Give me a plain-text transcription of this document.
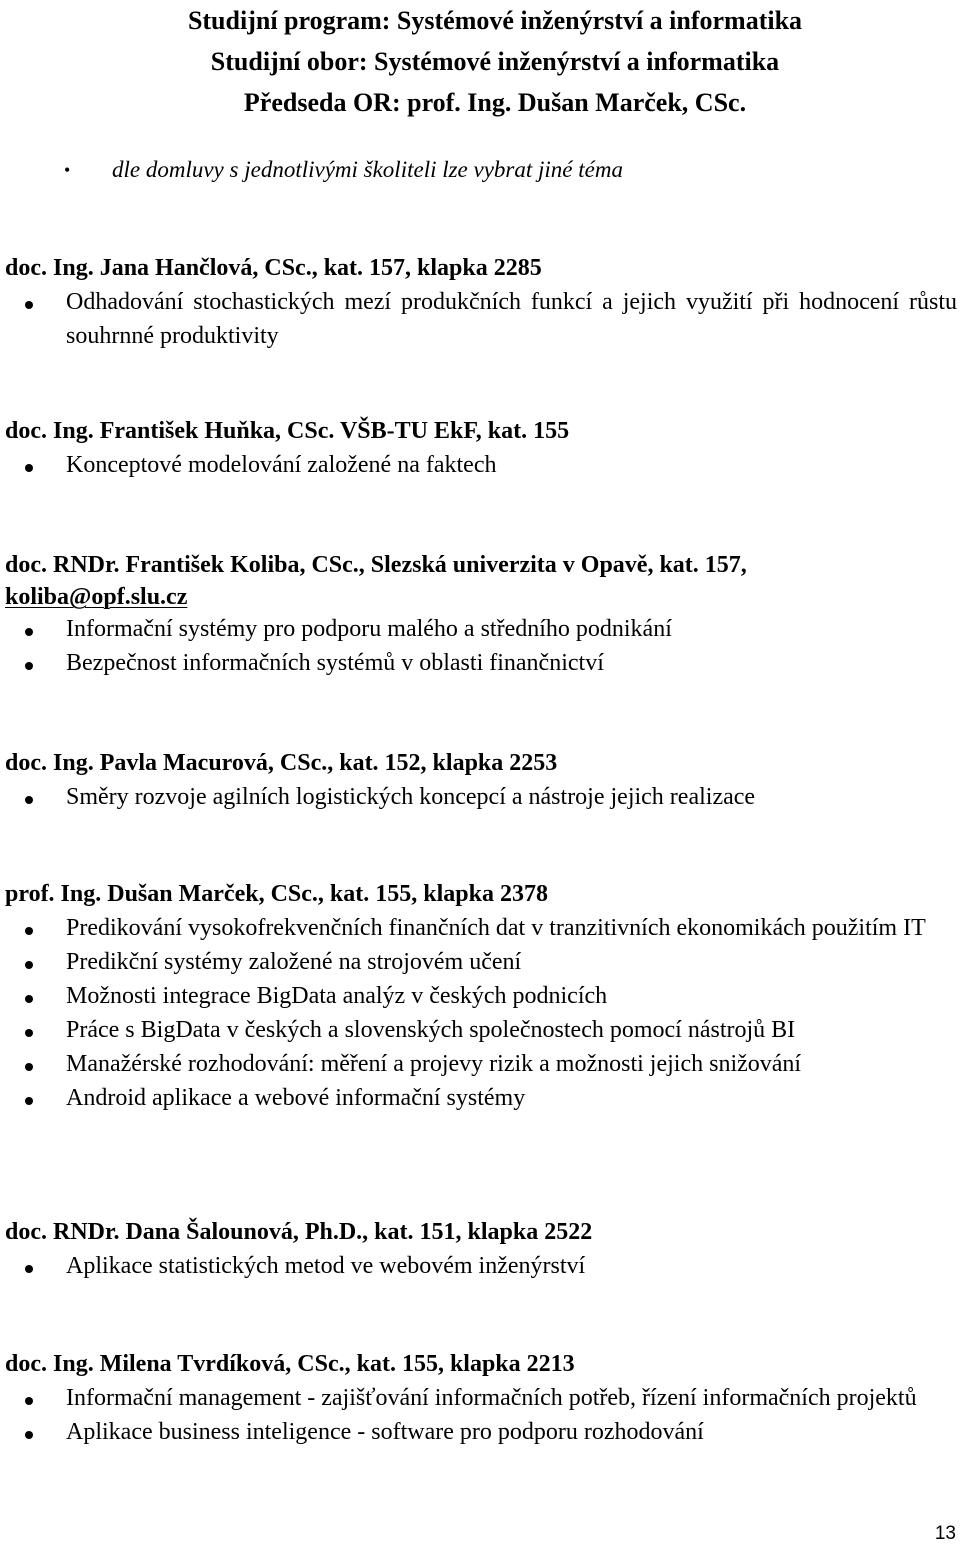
Studijní program: Systémové inženýrství a informatika
Studijní obor: Systémové inženýrství a informatika
Předseda OR: prof. Ing. Dušan Marček, CSc.
• dle domluvy s jednotlivými školiteli lze vybrat jiné téma
doc. Ing. Jana Hančlová, CSc., kat. 157, klapka 2285
Odhadování stochastických mezí produkčních funkcí a jejich využití při hodnocení růstu souhrnné produktivity
doc. Ing. František Huňka, CSc. VŠB-TU EkF, kat. 155
Konceptové modelování založené na faktech
doc. RNDr. František Koliba, CSc., Slezská univerzita v Opavě, kat. 157,
koliba@opf.slu.cz
Informační systémy pro podporu malého a středního podnikání
Bezpečnost informačních systémů v oblasti finančnictví
doc. Ing. Pavla Macurová, CSc., kat. 152, klapka 2253
Směry rozvoje agilních logistických koncepcí a nástroje jejich realizace
prof. Ing. Dušan Marček, CSc., kat. 155, klapka 2378
Predikování vysokofrekvenčních finančních dat v tranzitivních ekonomikách použitím IT
Predikční systémy založené na strojovém učení
Možnosti integrace BigData analýz v českých podnicích
Práce s BigData v českých a slovenských společnostech pomocí nástrojů BI
Manažérské rozhodování: měření a projevy rizik a možnosti jejich snižování
Android aplikace a webové informační systémy
doc. RNDr. Dana Šalounová, Ph.D., kat. 151, klapka 2522
Aplikace statistických metod ve webovém inženýrství
doc. Ing. Milena Tvrdíková, CSc., kat. 155, klapka 2213
Informační management - zajišťování informačních potřeb, řízení informačních projektů
Aplikace business inteligence - software pro podporu rozhodování
13
